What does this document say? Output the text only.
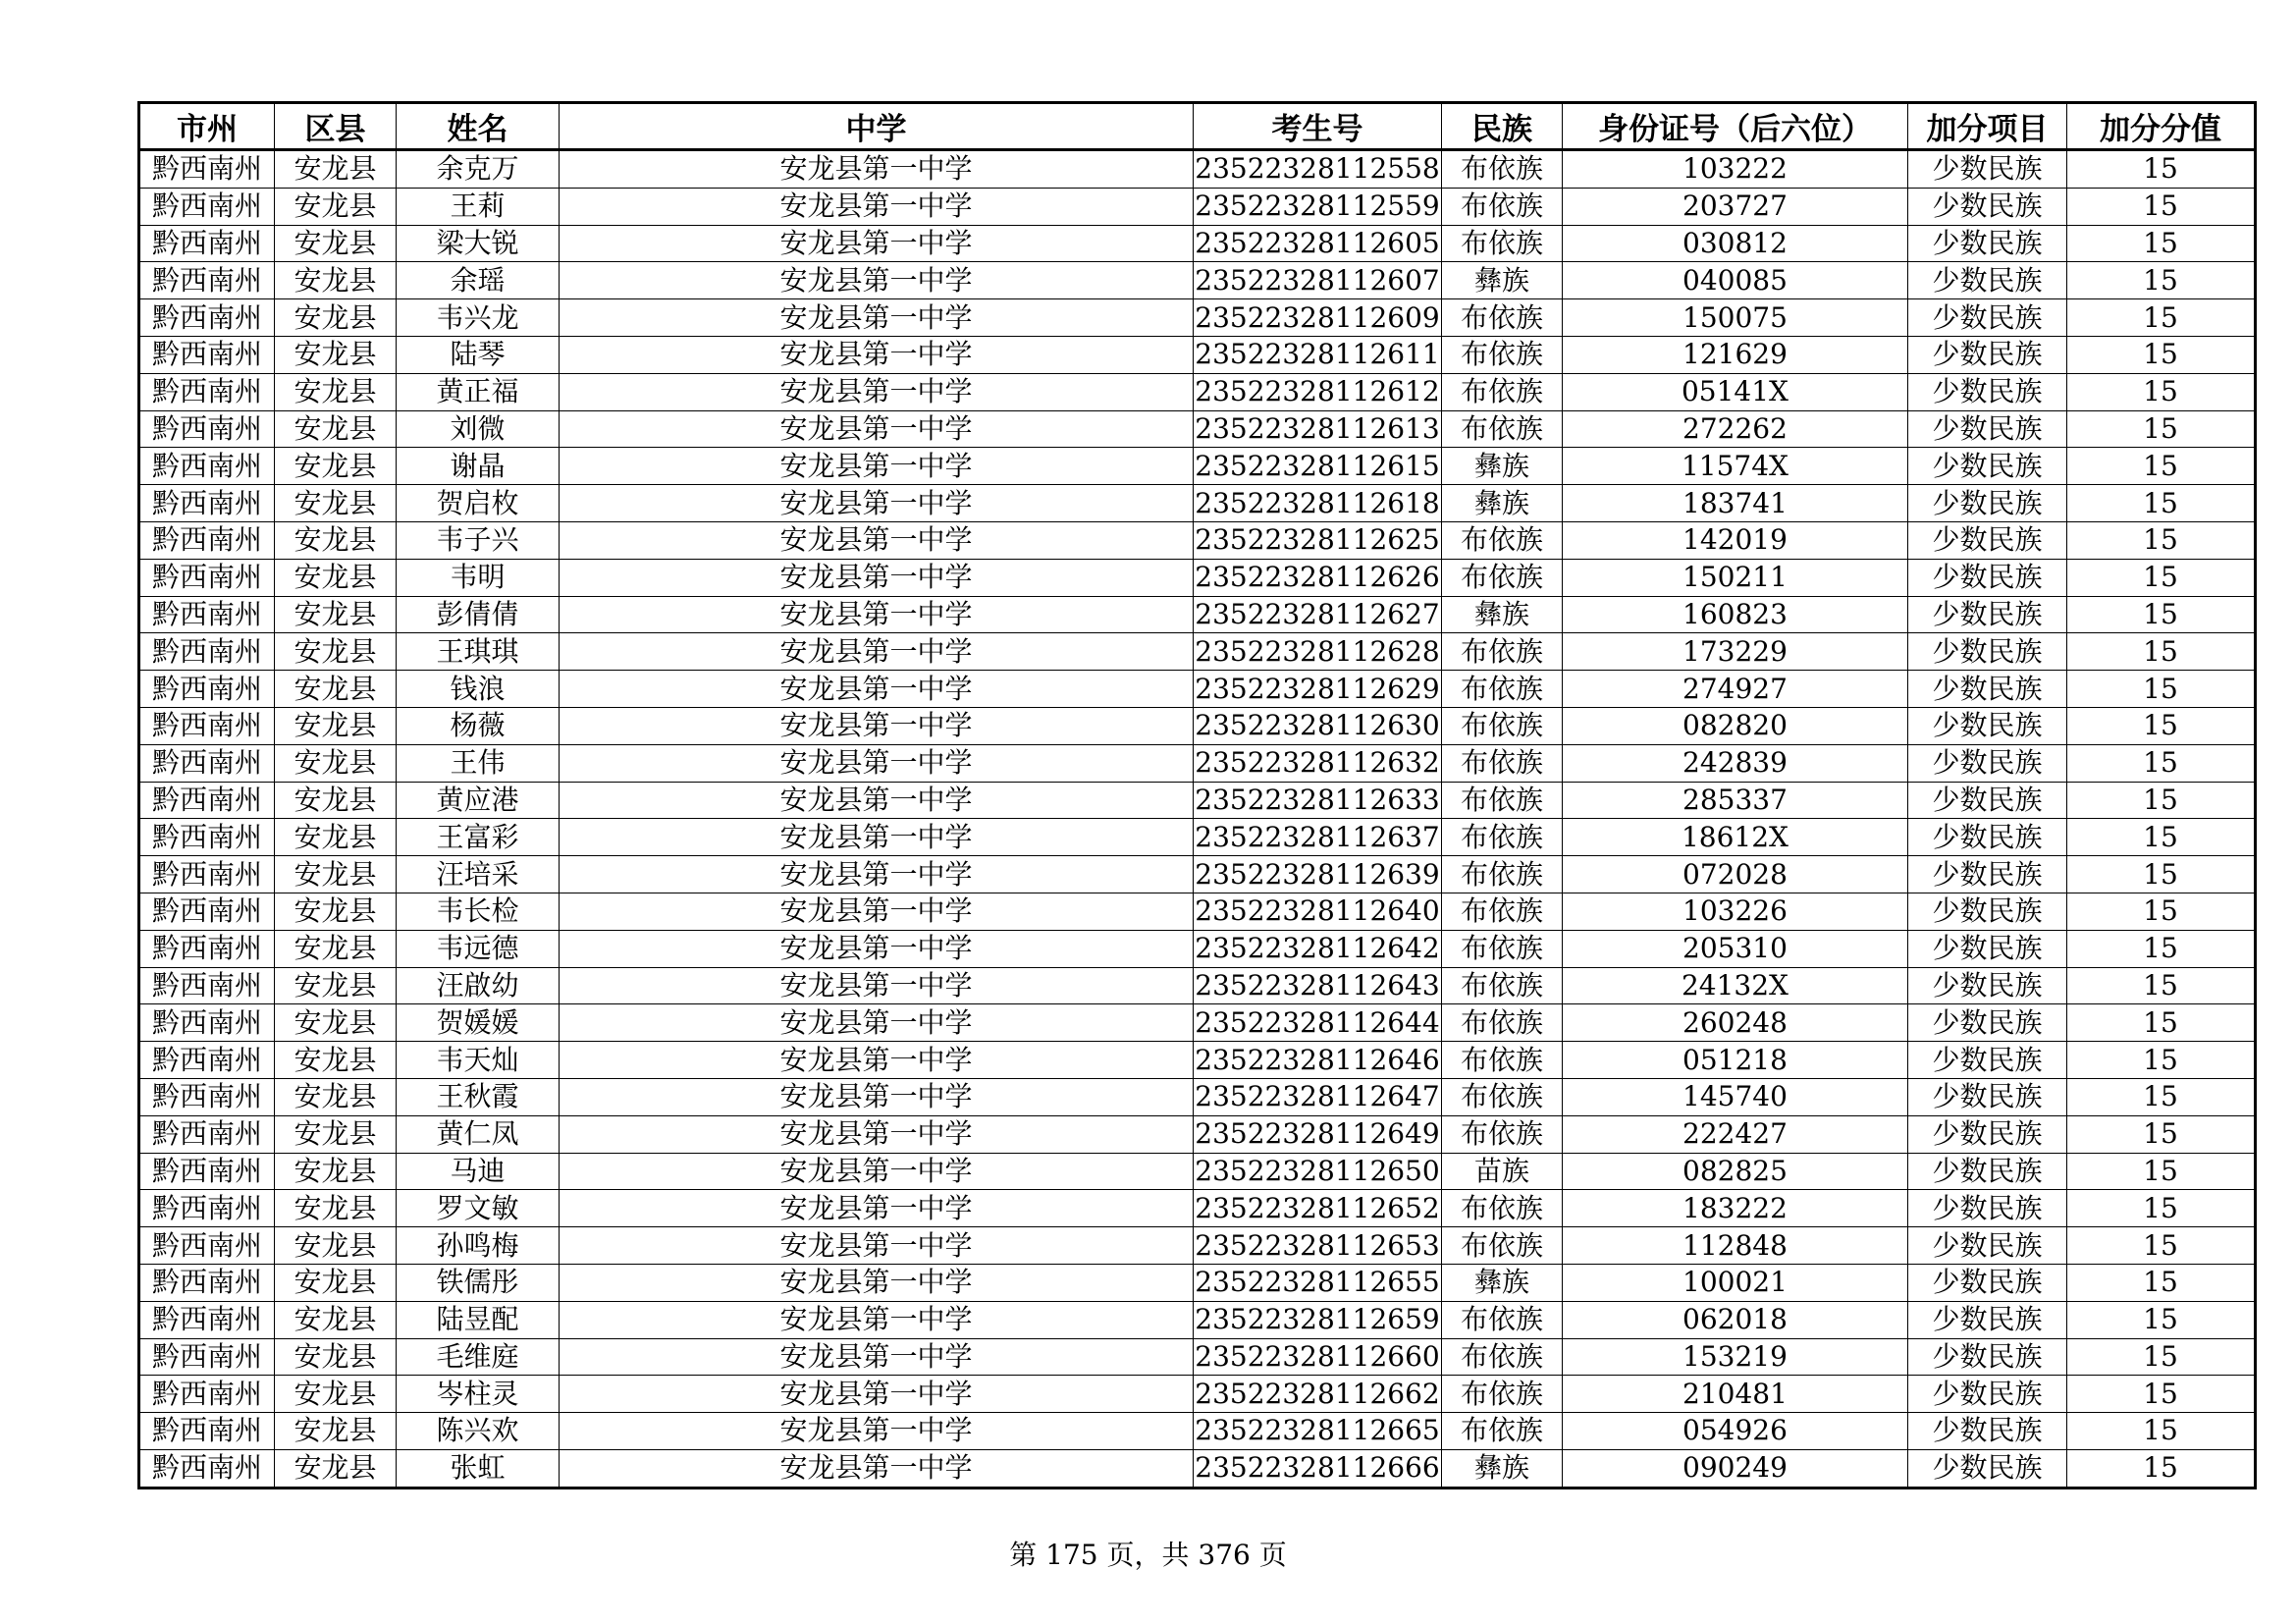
市州	区县	姓名	中学	考生号	民族	身份证号（后六位）	加分项目	加分分值
黔西南州	安龙县	余克万	安龙县第一中学	23522328112558	布依族	103222	少数民族	15
黔西南州	安龙县	王莉	安龙县第一中学	23522328112559	布依族	203727	少数民族	15
黔西南州	安龙县	梁大锐	安龙县第一中学	23522328112605	布依族	030812	少数民族	15
黔西南州	安龙县	余瑶	安龙县第一中学	23522328112607	彝族	040085	少数民族	15
黔西南州	安龙县	韦兴龙	安龙县第一中学	23522328112609	布依族	150075	少数民族	15
黔西南州	安龙县	陆琴	安龙县第一中学	23522328112611	布依族	121629	少数民族	15
黔西南州	安龙县	黄正福	安龙县第一中学	23522328112612	布依族	05141X	少数民族	15
黔西南州	安龙县	刘微	安龙县第一中学	23522328112613	布依族	272262	少数民族	15
黔西南州	安龙县	谢晶	安龙县第一中学	23522328112615	彝族	11574X	少数民族	15
黔西南州	安龙县	贺启枚	安龙县第一中学	23522328112618	彝族	183741	少数民族	15
黔西南州	安龙县	韦子兴	安龙县第一中学	23522328112625	布依族	142019	少数民族	15
黔西南州	安龙县	韦明	安龙县第一中学	23522328112626	布依族	150211	少数民族	15
黔西南州	安龙县	彭倩倩	安龙县第一中学	23522328112627	彝族	160823	少数民族	15
黔西南州	安龙县	王琪琪	安龙县第一中学	23522328112628	布依族	173229	少数民族	15
黔西南州	安龙县	钱浪	安龙县第一中学	23522328112629	布依族	274927	少数民族	15
黔西南州	安龙县	杨薇	安龙县第一中学	23522328112630	布依族	082820	少数民族	15
黔西南州	安龙县	王伟	安龙县第一中学	23522328112632	布依族	242839	少数民族	15
黔西南州	安龙县	黄应港	安龙县第一中学	23522328112633	布依族	285337	少数民族	15
黔西南州	安龙县	王富彩	安龙县第一中学	23522328112637	布依族	18612X	少数民族	15
黔西南州	安龙县	汪培采	安龙县第一中学	23522328112639	布依族	072028	少数民族	15
黔西南州	安龙县	韦长检	安龙县第一中学	23522328112640	布依族	103226	少数民族	15
黔西南州	安龙县	韦远德	安龙县第一中学	23522328112642	布依族	205310	少数民族	15
黔西南州	安龙县	汪啟幼	安龙县第一中学	23522328112643	布依族	24132X	少数民族	15
黔西南州	安龙县	贺媛媛	安龙县第一中学	23522328112644	布依族	260248	少数民族	15
黔西南州	安龙县	韦天灿	安龙县第一中学	23522328112646	布依族	051218	少数民族	15
黔西南州	安龙县	王秋霞	安龙县第一中学	23522328112647	布依族	145740	少数民族	15
黔西南州	安龙县	黄仁凤	安龙县第一中学	23522328112649	布依族	222427	少数民族	15
黔西南州	安龙县	马迪	安龙县第一中学	23522328112650	苗族	082825	少数民族	15
黔西南州	安龙县	罗文敏	安龙县第一中学	23522328112652	布依族	183222	少数民族	15
黔西南州	安龙县	孙鸣梅	安龙县第一中学	23522328112653	布依族	112848	少数民族	15
黔西南州	安龙县	铁儒彤	安龙县第一中学	23522328112655	彝族	100021	少数民族	15
黔西南州	安龙县	陆昱配	安龙县第一中学	23522328112659	布依族	062018	少数民族	15
黔西南州	安龙县	毛维庭	安龙县第一中学	23522328112660	布依族	153219	少数民族	15
黔西南州	安龙县	岑柱灵	安龙县第一中学	23522328112662	布依族	210481	少数民族	15
黔西南州	安龙县	陈兴欢	安龙县第一中学	23522328112665	布依族	054926	少数民族	15
黔西南州	安龙县	张虹	安龙县第一中学	23522328112666	彝族	090249	少数民族	15
第 175 页，共 376 页
